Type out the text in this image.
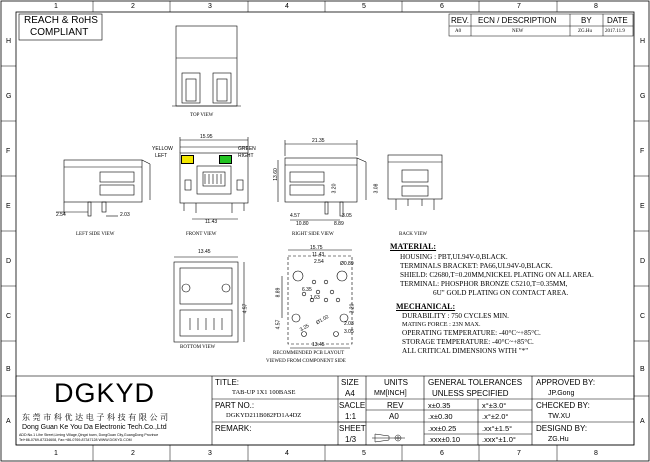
1	2	3	4	5	6	7	8
1	2	3	4	5	6	7	8
H
G
F
E
D
C
B
A
H
G
F
E
D
C
B
A
REACH & RoHS
COMPLIANT
REV. ECN / DESCRIPTION	BY DATE
A0	NEW	ZG.Hu	2017.11.9
TOP VIEW
LEFT SIDE VIEW	FRONT VIEW	RIGHT SIDE VIEW	BACK VIEW
BOTTOM VIEW
RECOMMENDED PCB LAYOUT
VIEWED FROM COMPONENT SIDE
YELLOW
LEFT
GREEN
RIGHT
15.95
2.54	2.03
11.43
21.35
13.60
3.20
4.57
10.80
3.05
8.89
3.08
13.45
4.57
15.75
11.43
2.54	Ø0.89
8.89	6.35
1.63
4.57
3.20
2.03
3.05
13.45
3.25
Ø1.02
MATERIAL:
HOUSING : PBT,UL94V-0,BLACK.
TERMINALS BRACKET: PA66,UL94V-0,BLACK.
SHIELD: C2680,T=0.20MM,NICKEL PLATING ON ALL AREA.
TERMINAL: PHOSPHOR BRONZE C5210,T=0.35MM,
6U" GOLD PLATING ON CONTACT AREA.
MECHANICAL:
DURABILITY : 750 CYCLES MIN.
MATING FORCE : 23N MAX.
OPERATING TEMPERATURE: -40°C~+85°C.
STORAGE TEMPERATURE: -40°C~+85°C.
ALL CRITICAL DIMENSIONS WITH "*"
DGKYD
东 莞 市 科 优 达 电 子 科 技 有 限 公 司
Dong Guan Ke You Da Electronic Tech.Co.,Ltd
ADD:No.1 Lihe Street,Liming Village,Qingxi town, DongGuan City,GuangDong Province
Tel+86-0769-87334608, Fax:+86-0769-87347128 WWW.DGKYD.COM
TITLE:
TAB-UP 1X1 100BASE
PART NO.:
DGKYD211B082FD1A4DZ
REMARK:
SIZE
A4
UNITS
MM[INCH]
SACLE
1:1
REV
A0
SHEET
1/3
GENERAL TOLERANCES
UNLESS SPECIFIED
x±0.35	x°±3.0°
.x±0.30	.x°±2.0°
.xx±0.25	.xx°±1.5°
.xxx±0.10	.xxx°±1.0°
APPROVED BY:
JP.Gong
CHECKED BY:
TW.XU
DESIGND BY:
ZG.Hu
